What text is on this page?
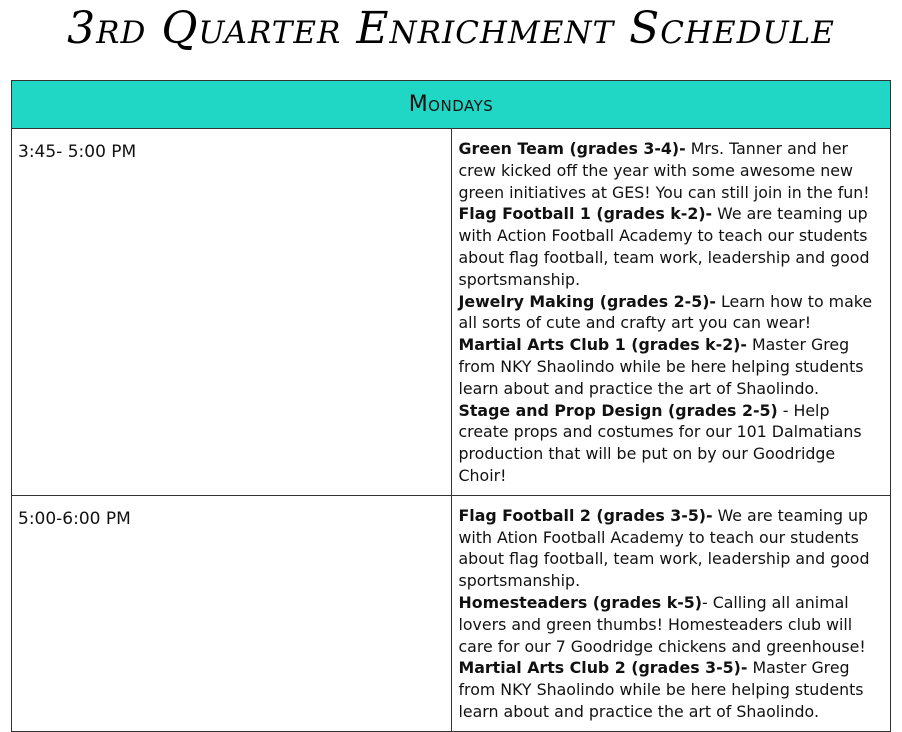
3rd Quarter Enrichment Schedule
Mondays	
3:45- 5:00 PM	Green Team (grades 3-4)- Mrs. Tanner and her crew kicked off the year with some awesome new green initiatives at GES! You can still join in the fun!
Flag Football 1 (grades k-2)- We are teaming up with Action Football Academy to teach our students about flag football, team work, leadership and good sportsmanship.
Jewelry Making (grades 2-5)- Learn how to make all sorts of cute and crafty art you can wear!
Martial Arts Club 1 (grades k-2)- Master Greg from NKY Shaolindo while be here helping students learn about and practice the art of Shaolindo.
Stage and Prop Design (grades 2-5) - Help create props and costumes for our 101 Dalmatians production that will be put on by our Goodridge Choir!

5:00-6:00 PM	Flag Football 2 (grades 3-5)- We are teaming up with Ation Football Academy to teach our students about flag football, team work, leadership and good sportsmanship.
Homesteaders (grades k-5)- Calling all animal lovers and green thumbs! Homesteaders club will care for our 7 Goodridge chickens and greenhouse!
Martial Arts Club 2 (grades 3-5)- Master Greg from NKY Shaolindo while be here helping students learn about and practice the art of Shaolindo.
